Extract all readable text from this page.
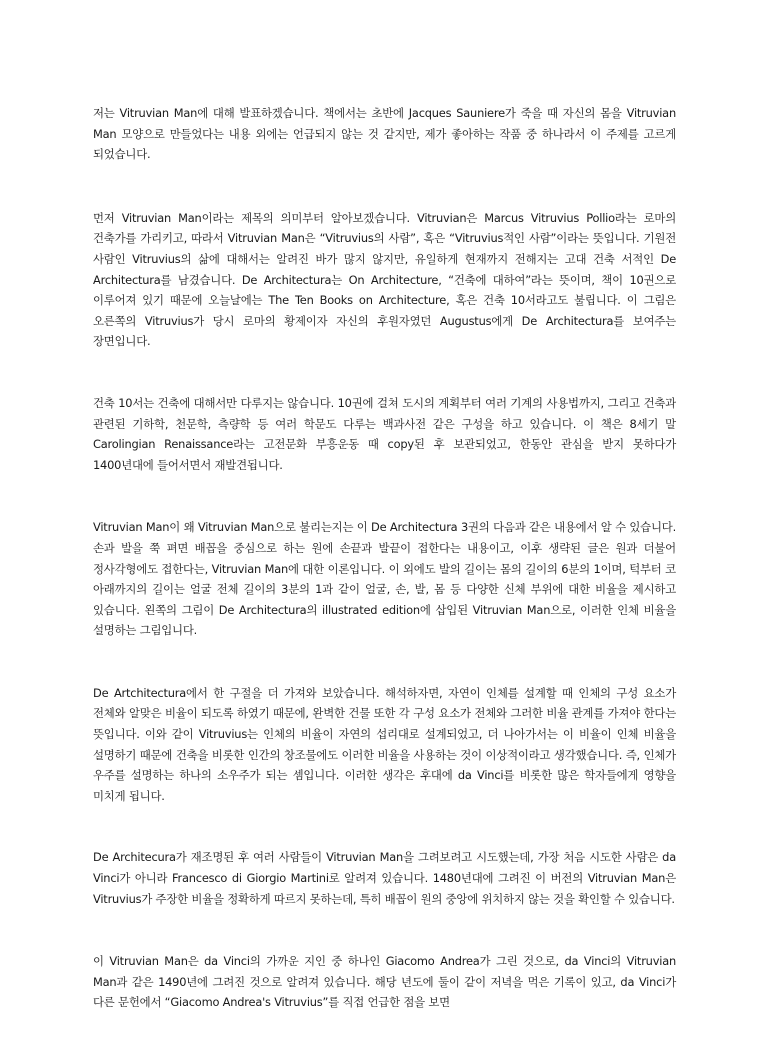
저는 Vitruvian Man에 대해 발표하겠습니다. 책에서는 초반에 Jacques Sauniere가 죽을 때 자신의 몸을 Vitruvian Man 모양으로 만들었다는 내용 외에는 언급되지 않는 것 같지만, 제가 좋아하는 작품 중 하나라서 이 주제를 고르게 되었습니다.

먼저 Vitruvian Man이라는 제목의 의미부터 알아보겠습니다. Vitruvian은 Marcus Vitruvius Pollio라는 로마의 건축가를 가리키고, 따라서 Vitruvian Man은 “Vitruvius의 사람”, 혹은 “Vitruvius적인 사람”이라는 뜻입니다. 기원전 사람인 Vitruvius의 삶에 대해서는 알려진 바가 많지 않지만, 유일하게 현재까지 전해지는 고대 건축 서적인 De Architectura를 남겼습니다. De Architectura는 On Architecture, “건축에 대하여”라는 뜻이며, 책이 10권으로 이루어져 있기 때문에 오늘날에는 The Ten Books on Architecture, 혹은 건축 10서라고도 불립니다. 이 그림은 오른쪽의 Vitruvius가 당시 로마의 황제이자 자신의 후원자였던 Augustus에게 De Architectura를 보여주는 장면입니다.

건축 10서는 건축에 대해서만 다루지는 않습니다. 10권에 걸쳐 도시의 계획부터 여러 기계의 사용법까지, 그리고 건축과 관련된 기하학, 천문학, 측량학 등 여러 학문도 다루는 백과사전 같은 구성을 하고 있습니다. 이 책은 8세기 말 Carolingian Renaissance라는 고전문화 부흥운동 때 copy된 후 보관되었고, 한동안 관심을 받지 못하다가 1400년대에 들어서면서 재발견됩니다.

Vitruvian Man이 왜 Vitruvian Man으로 불리는지는 이 De Architectura 3권의 다음과 같은 내용에서 알 수 있습니다. 손과 발을 쭉 펴면 배꼽을 중심으로 하는 원에 손끝과 발끝이 접한다는 내용이고, 이후 생략된 글은 원과 더불어 정사각형에도 접한다는, Vitruvian Man에 대한 이론입니다. 이 외에도 발의 길이는 몸의 길이의 6분의 1이며, 턱부터 코 아래까지의 길이는 얼굴 전체 길이의 3분의 1과 같이 얼굴, 손, 발, 몸 등 다양한 신체 부위에 대한 비율을 제시하고 있습니다. 왼쪽의 그림이 De Architectura의 illustrated edition에 삽입된 Vitruvian Man으로, 이러한 인체 비율을 설명하는 그림입니다.

De Artchitectura에서 한 구절을 더 가져와 보았습니다. 해석하자면, 자연이 인체를 설계할 때 인체의 구성 요소가 전체와 알맞은 비율이 되도록 하였기 때문에, 완벽한 건물 또한 각 구성 요소가 전체와 그러한 비율 관계를 가져야 한다는 뜻입니다. 이와 같이 Vitruvius는 인체의 비율이 자연의 섭리대로 설계되었고, 더 나아가서는 이 비율이 인체 비율을 설명하기 때문에 건축을 비롯한 인간의 창조물에도 이러한 비율을 사용하는 것이 이상적이라고 생각했습니다. 즉, 인체가 우주를 설명하는 하나의 소우주가 되는 셈입니다. 이러한 생각은 후대에 da Vinci를 비롯한 많은 학자들에게 영향을 미치게 됩니다.

De Architecura가 재조명된 후 여러 사람들이 Vitruvian Man을 그려보려고 시도했는데, 가장 처음 시도한 사람은 da Vinci가 아니라 Francesco di Giorgio Martini로 알려져 있습니다. 1480년대에 그려진 이 버전의 Vitruvian Man은 Vitruvius가 주장한 비율을 정확하게 따르지 못하는데, 특히 배꼽이 원의 중앙에 위치하지 않는 것을 확인할 수 있습니다.

이 Vitruvian Man은 da Vinci의 가까운 지인 중 하나인 Giacomo Andrea가 그린 것으로, da Vinci의 Vitruvian Man과 같은 1490년에 그려진 것으로 알려져 있습니다. 해당 년도에 둘이 같이 저녁을 먹은 기록이 있고, da Vinci가 다른 문헌에서 “Giacomo Andrea's Vitruvius”를 직접 언급한 점을 보면
